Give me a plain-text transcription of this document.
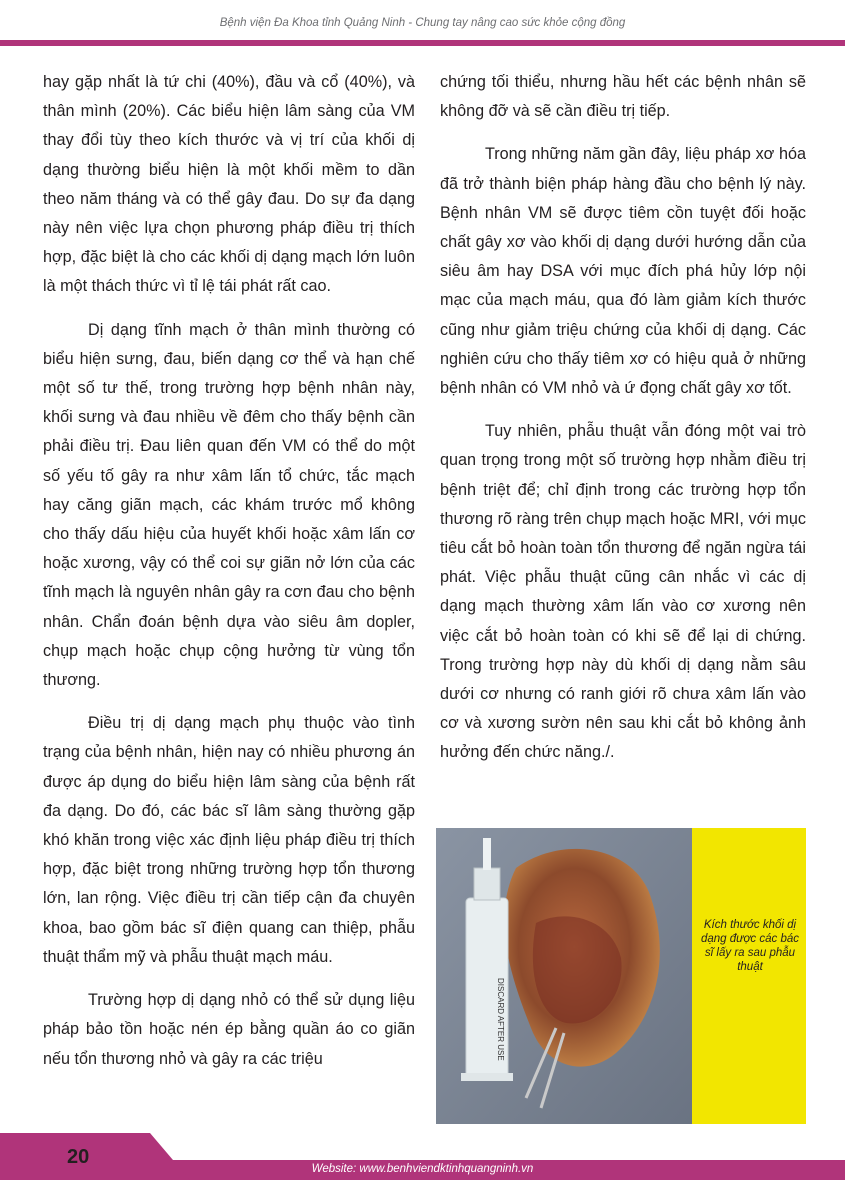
Bệnh viện Đa Khoa tỉnh Quảng Ninh - Chung tay nâng cao sức khỏe cộng đồng

hay gặp nhất là tứ chi (40%), đầu và cổ (40%), và thân mình (20%). Các biểu hiện lâm sàng của VM thay đổi tùy theo kích thước và vị trí của khối dị dạng thường biểu hiện là một khối mềm to dần theo năm tháng và có thể gây đau. Do sự đa dạng này nên việc lựa chọn phương pháp điều trị thích hợp, đặc biệt là cho các khối dị dạng mạch lớn luôn là một thách thức vì tỉ lệ tái phát rất cao.

Dị dạng tĩnh mạch ở thân mình thường có biểu hiện sưng, đau, biến dạng cơ thể và hạn chế một số tư thế, trong trường hợp bệnh nhân này, khối sưng và đau nhiều về đêm cho thấy bệnh cần phải điều trị. Đau liên quan đến VM có thể do một số yếu tố gây ra như xâm lấn tổ chức, tắc mạch hay căng giãn mạch, các khám trước mổ không cho thấy dấu hiệu của huyết khối hoặc xâm lấn cơ hoặc xương, vậy có thể coi sự giãn nở lớn của các tĩnh mạch là nguyên nhân gây ra cơn đau cho bệnh nhân. Chẩn đoán bệnh dựa vào siêu âm dopler, chụp mạch hoặc chụp cộng hưởng từ vùng tổn thương.

Điều trị dị dạng mạch phụ thuộc vào tình trạng của bệnh nhân, hiện nay có nhiều phương án được áp dụng do biểu hiện lâm sàng của bệnh rất đa dạng. Do đó, các bác sĩ lâm sàng thường gặp khó khăn trong việc xác định liệu pháp điều trị thích hợp, đặc biệt trong những trường hợp tổn thương lớn, lan rộng. Việc điều trị cần tiếp cận đa chuyên khoa, bao gồm bác sĩ điện quang can thiệp, phẫu thuật thẩm mỹ và phẫu thuật mạch máu.

Trường hợp dị dạng nhỏ có thể sử dụng liệu pháp bảo tồn hoặc nén ép bằng quần áo co giãn nếu tổn thương nhỏ và gây ra các triệu

chứng tối thiểu, nhưng hầu hết các bệnh nhân sẽ không đỡ và sẽ cần điều trị tiếp.

Trong những năm gần đây, liệu pháp xơ hóa đã trở thành biện pháp hàng đầu cho bệnh lý này. Bệnh nhân VM sẽ được tiêm cồn tuyệt đối hoặc chất gây xơ vào khối dị dạng dưới hướng dẫn của siêu âm hay DSA với mục đích phá hủy lớp nội mạc của mạch máu, qua đó làm giảm kích thước cũng như giảm triệu chứng của khối dị dạng. Các nghiên cứu cho thấy tiêm xơ có hiệu quả ở những bệnh nhân có VM nhỏ và ứ đọng chất gây xơ tốt.

Tuy nhiên, phẫu thuật vẫn đóng một vai trò quan trọng trong một số trường hợp nhằm điều trị bệnh triệt để; chỉ định trong các trường hợp tổn thương rõ ràng trên chụp mạch hoặc MRI, với mục tiêu cắt bỏ hoàn toàn tổn thương để ngăn ngừa tái phát. Việc phẫu thuật cũng cân nhắc vì các dị dạng mạch thường xâm lấn vào cơ xương nên việc cắt bỏ hoàn toàn có khi sẽ để lại di chứng. Trong trường hợp này dù khối dị dạng nằm sâu dưới cơ nhưng có ranh giới rõ chưa xâm lấn vào cơ và xương sườn nên sau khi cắt bỏ không ảnh hưởng đến chức năng./.

DISCARD AFTER USE
Kích thước khối dị dạng được các bác sĩ lấy ra sau phẫu thuật
20
Website: www.benhviendktinhquangninh.vn
